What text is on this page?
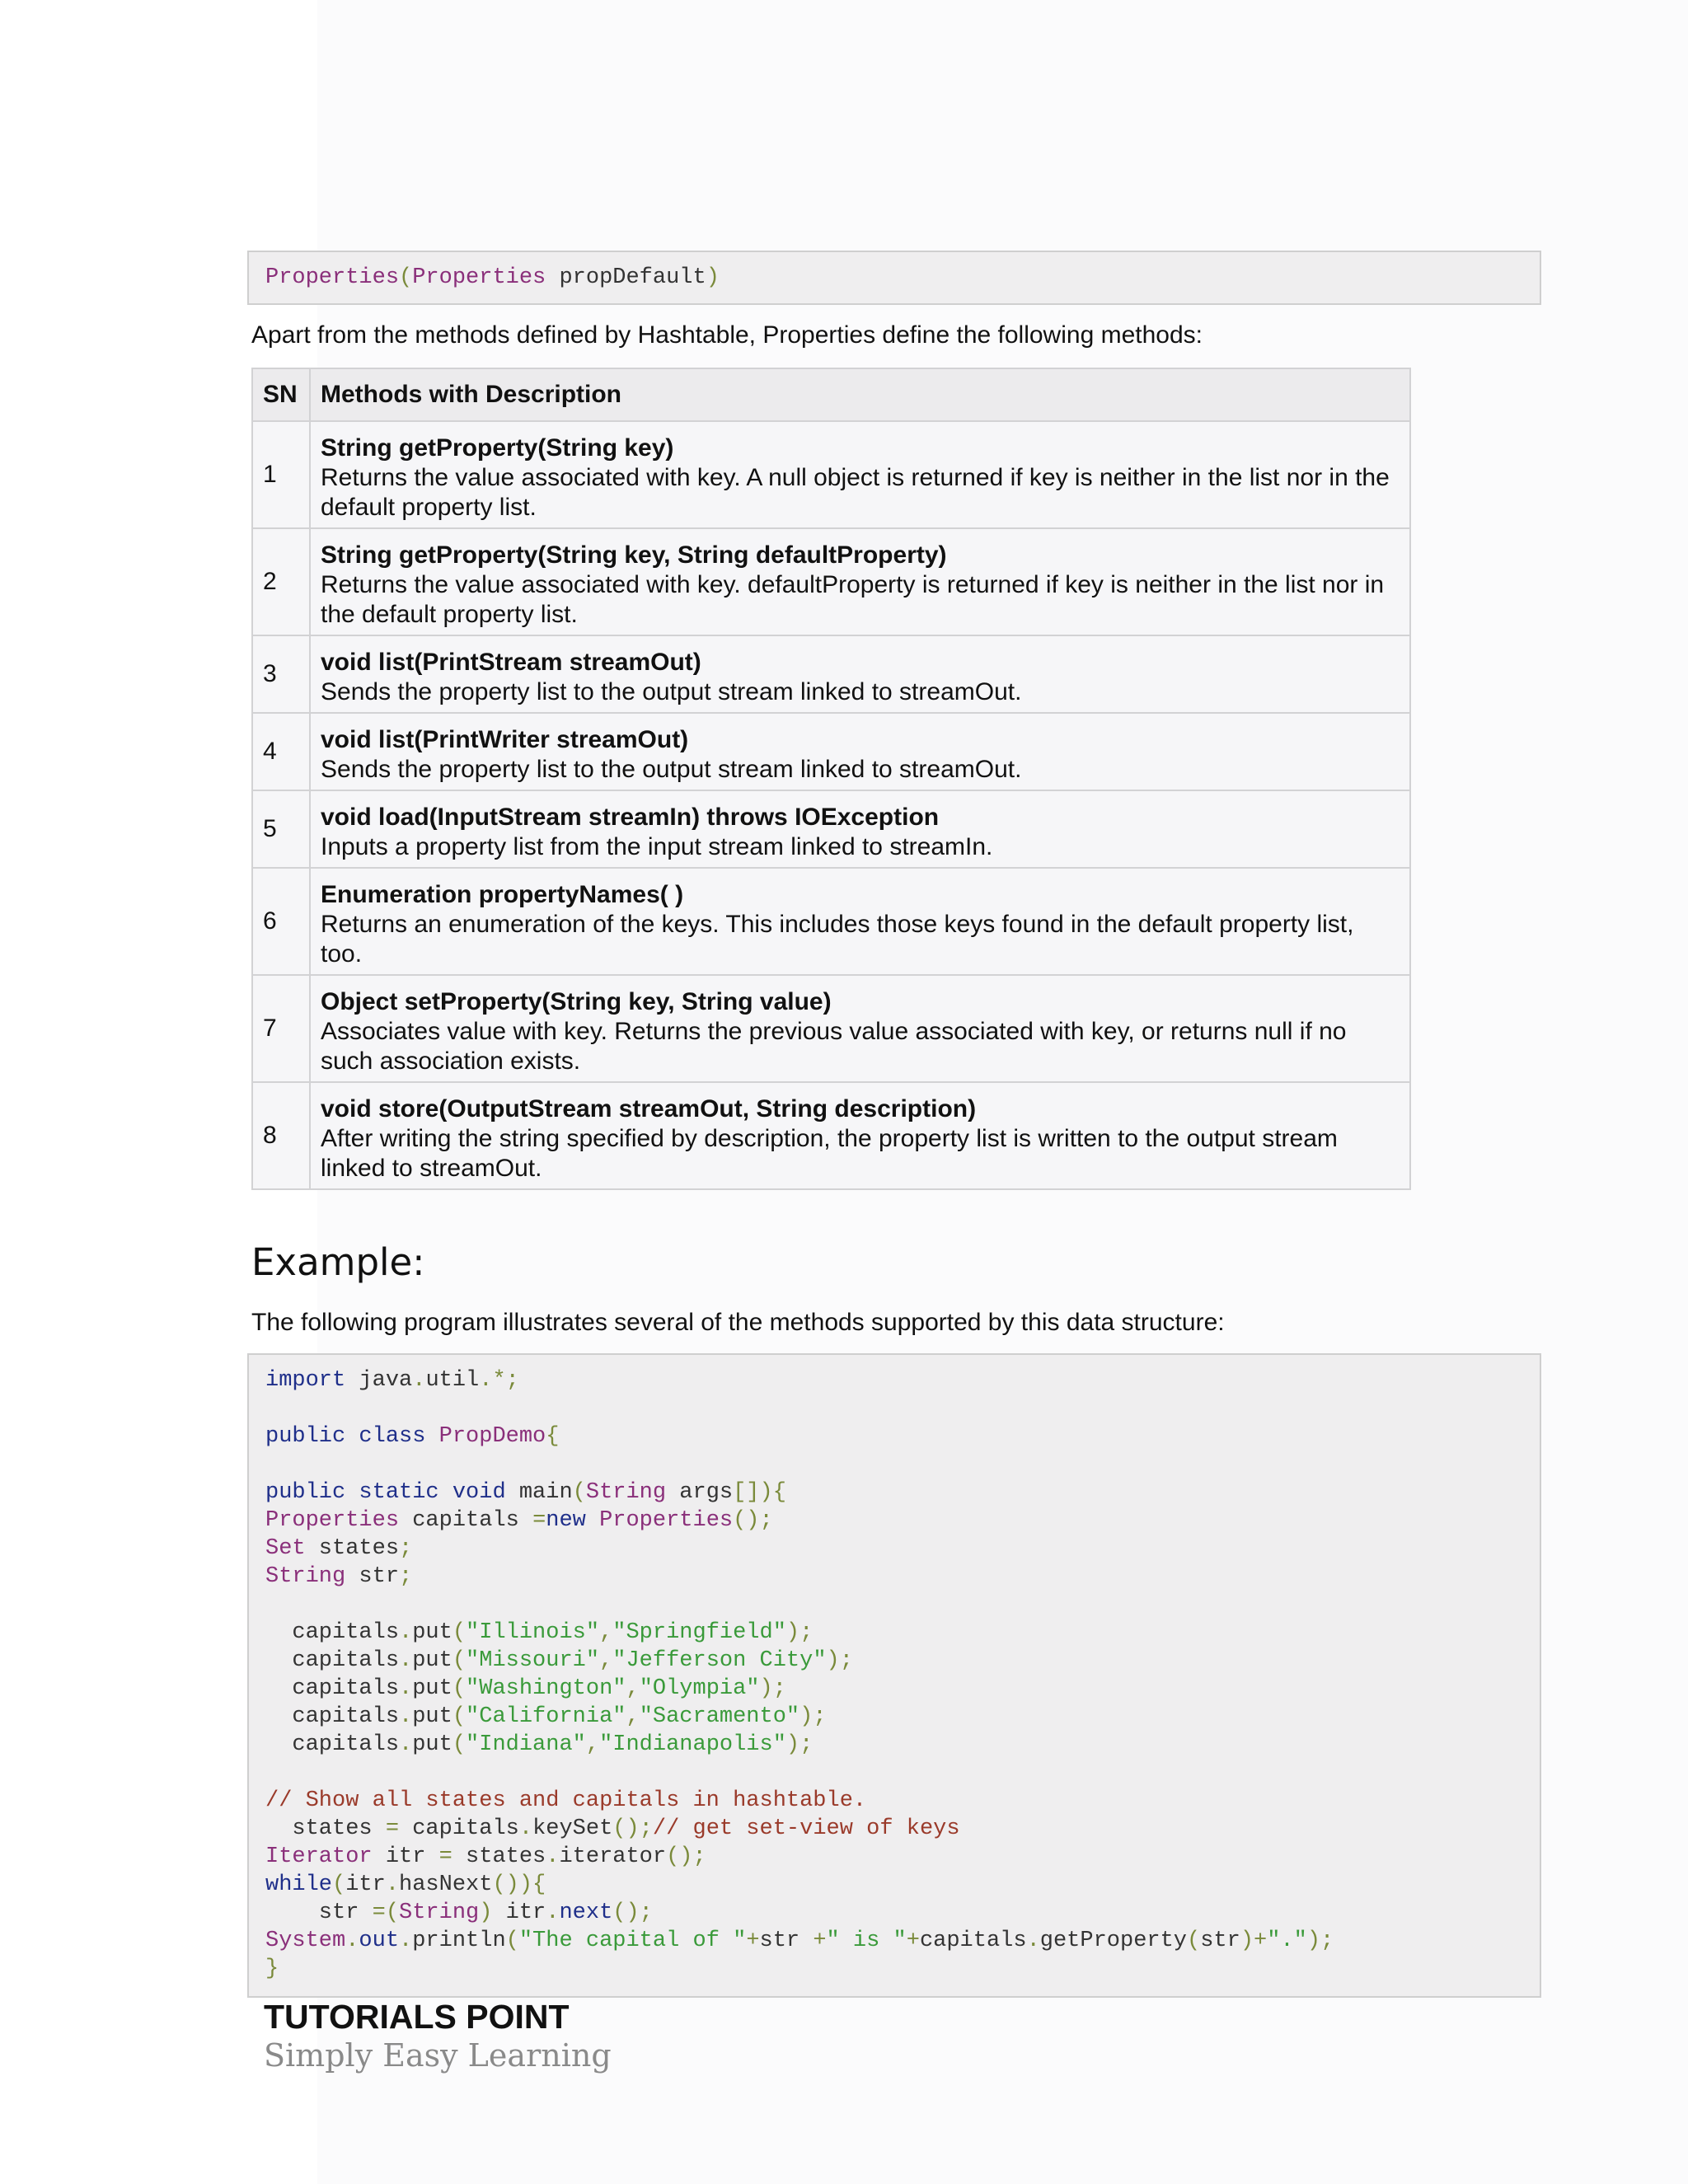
Properties(Properties propDefault)
Apart from the methods defined by Hashtable, Properties define the following methods:
SN	Methods with Description
1	String getProperty(String key)
Returns the value associated with key. A null object is returned if key is neither in the list nor in the
default property list.

2	String getProperty(String key, String defaultProperty)
Returns the value associated with key. defaultProperty is returned if key is neither in the list nor in
the default property list.

3	void list(PrintStream streamOut)
Sends the property list to the output stream linked to streamOut.

4	void list(PrintWriter streamOut)
Sends the property list to the output stream linked to streamOut.

5	void load(InputStream streamIn) throws IOException
Inputs a property list from the input stream linked to streamIn.

6	Enumeration propertyNames( )
Returns an enumeration of the keys. This includes those keys found in the default property list,
too.

7	Object setProperty(String key, String value)
Associates value with key. Returns the previous value associated with key, or returns null if no
such association exists.

8	void store(OutputStream streamOut, String description)
After writing the string specified by description, the property list is written to the output stream
linked to streamOut.
Example:
The following program illustrates several of the methods supported by this data structure:
import java.util.*;
public class PropDemo{
public static void main(String args[]){
Properties capitals =new Properties();
Set states;
String str;
capitals.put("Illinois","Springfield");
capitals.put("Missouri","Jefferson City");
capitals.put("Washington","Olympia");
capitals.put("California","Sacramento");
capitals.put("Indiana","Indianapolis");
// Show all states and capitals in hashtable.
states = capitals.keySet();// get set-view of keys
Iterator itr = states.iterator();
while(itr.hasNext()){
str =(String) itr.next();
System.out.println("The capital of "+str +" is "+capitals.getProperty(str)+".");
}
TUTORIALS POINT
Simply Easy Learning
